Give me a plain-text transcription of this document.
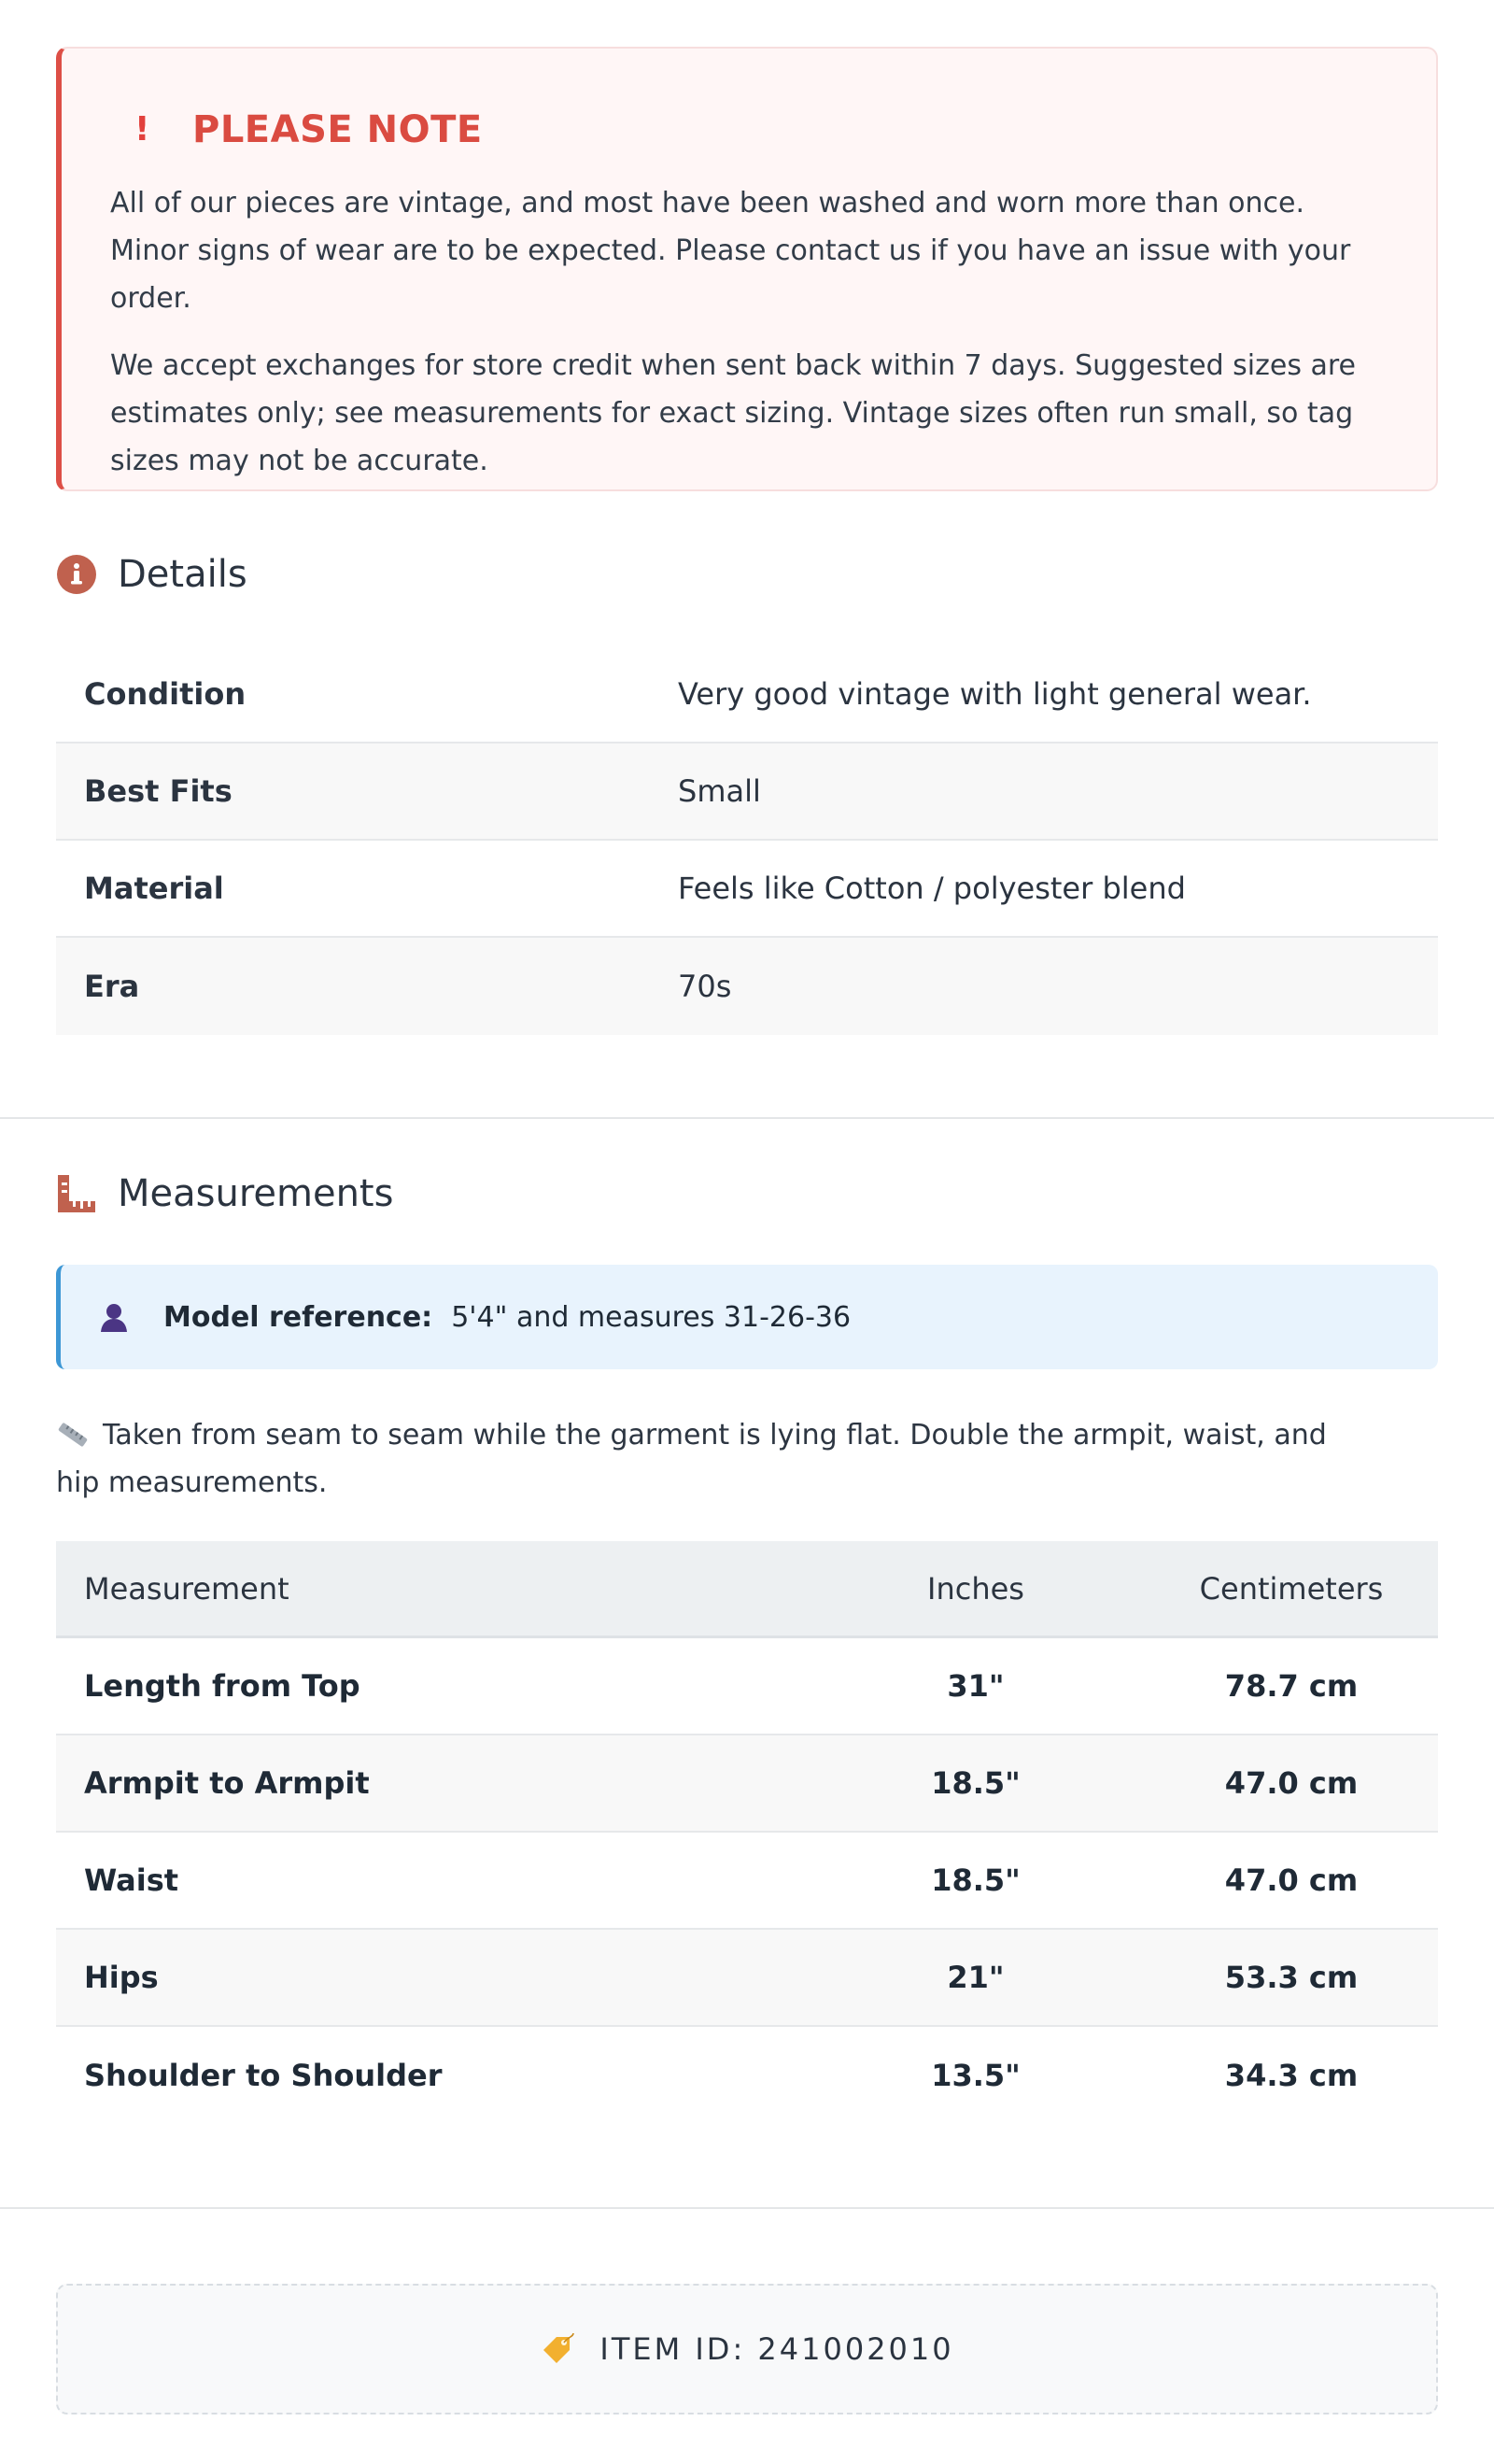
! PLEASE NOTE

All of our pieces are vintage, and most have been washed and worn more than once. Minor signs of wear are to be expected. Please contact us if you have an issue with your order.

We accept exchanges for store credit when sent back within 7 days. Suggested sizes are estimates only; see measurements for exact sizing. Vintage sizes often run small, so tag sizes may not be accurate.

Details
Condition	Very good vintage with light general wear.
Best Fits	Small
Material	Feels like Cotton / polyester blend
Era	70s
Measurements
Model reference: 5'4" and measures 31-26-36
Taken from seam to seam while the garment is lying flat. Double the armpit, waist, and hip measurements.
Measurement	Inches	Centimeters
Length from Top	31"	78.7 cm
Armpit to Armpit	18.5"	47.0 cm
Waist	18.5"	47.0 cm
Hips	21"	53.3 cm
Shoulder to Shoulder	13.5"	34.3 cm
ITEM ID: 241002010
